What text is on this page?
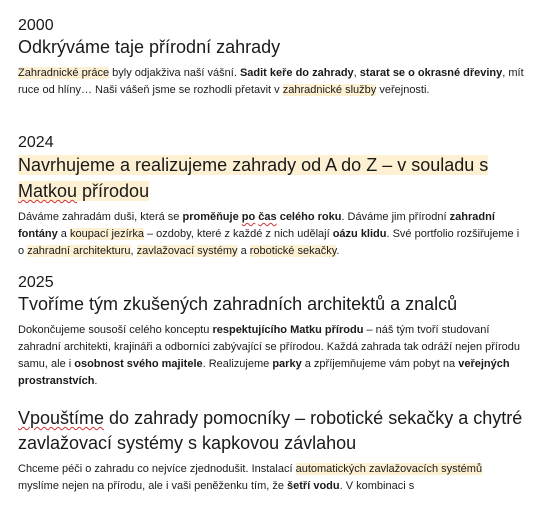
2000

Odkrýváme taje přírodní zahrady

Zahradnické práce byly odjakživa naší vášní. Sadit keře do zahrady, starat se o okrasné dřeviny, mít ruce od hlíny… Naši vášeň jsme se rozhodli přetavit v zahradnické služby veřejnosti.

2024

Navrhujeme a realizujeme zahrady od A do Z – v souladu s Matkou přírodou

Dáváme zahradám duši, která se proměňuje po čas celého roku. Dáváme jim přírodní zahradní fontány a koupací jezírka – ozdoby, které z každé z nich udělají oázu klidu. Své portfolio rozšiřujeme i o zahradní architekturu, zavlažovací systémy a robotické sekačky.

2025

Tvoříme tým zkušených zahradních architektů a znalců

Dokončujeme sousoší celého konceptu respektujícího Matku přírodu – náš tým tvoří studovaní zahradní architekti, krajináři a odborníci zabývající se přírodou. Každá zahrada tak odráží nejen přírodu samu, ale i osobnost svého majitele. Realizujeme parky a zpříjemňujeme vám pobyt na veřejných prostranstvích.

Vpouštíme do zahrady pomocníky – robotické sekačky a chytré zavlažovací systémy s kapkovou závlahou

Chceme péči o zahradu co nejvíce zjednodušit. Instalací automatických zavlažovacích systémů myslíme nejen na přírodu, ale i vaši peněženku tím, že šetří vodu. V kombinaci s
